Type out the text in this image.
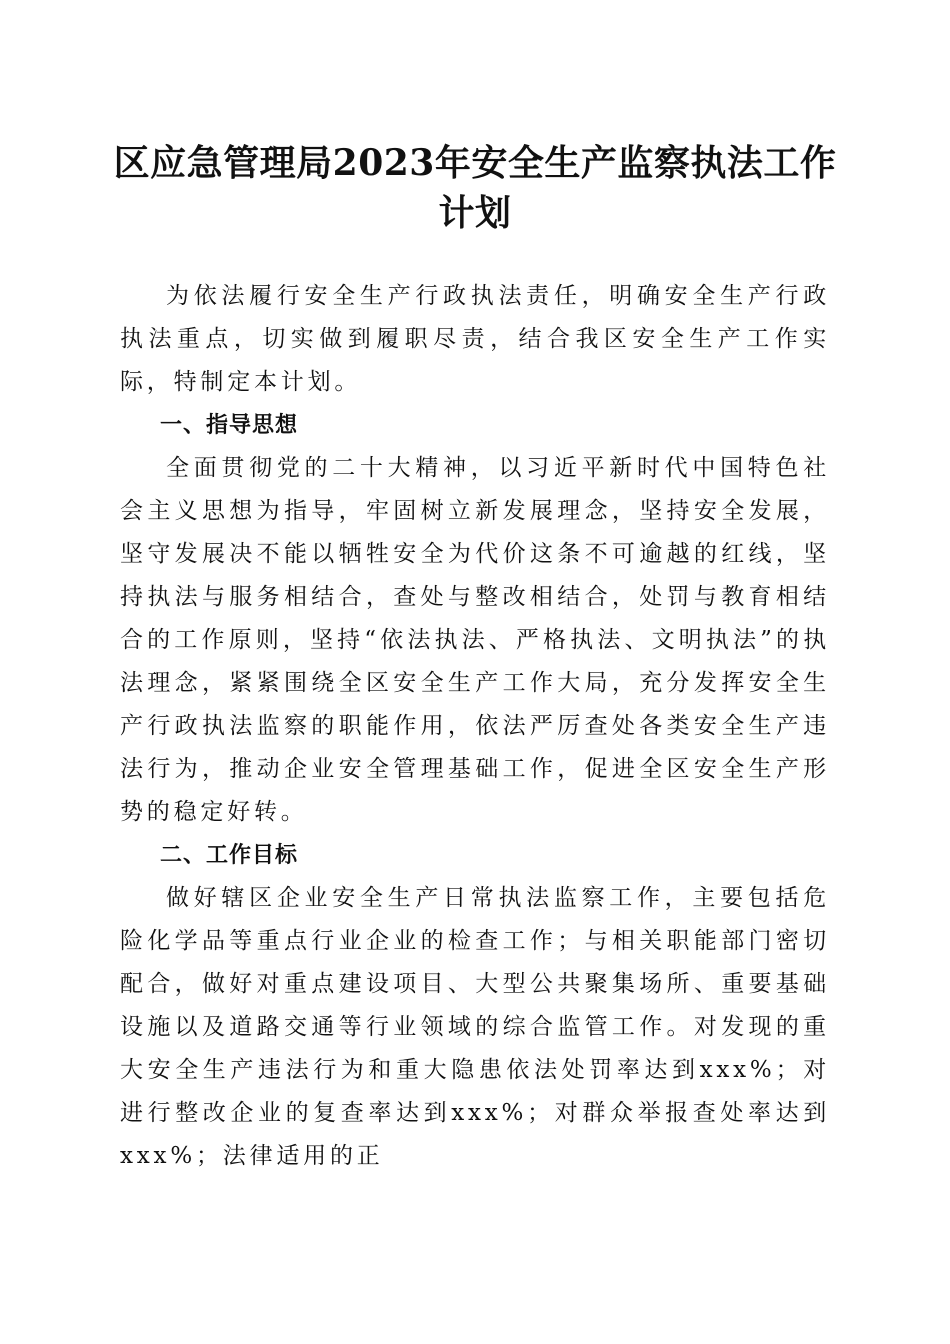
区应急管理局2023年安全生产监察执法工作计划

为依法履行安全生产行政执法责任，明确安全生产行政执法重点，切实做到履职尽责，结合我区安全生产工作实际，特制定本计划。

一、指导思想

全面贯彻党的二十大精神，以习近平新时代中国特色社会主义思想为指导，牢固树立新发展理念，坚持安全发展，坚守发展决不能以牺牲安全为代价这条不可逾越的红线，坚持执法与服务相结合，查处与整改相结合，处罚与教育相结合的工作原则，坚持“依法执法、严格执法、文明执法”的执法理念，紧紧围绕全区安全生产工作大局，充分发挥安全生产行政执法监察的职能作用，依法严厉查处各类安全生产违法行为，推动企业安全管理基础工作，促进全区安全生产形势的稳定好转。

二、工作目标

做好辖区企业安全生产日常执法监察工作，主要包括危险化学品等重点行业企业的检查工作；与相关职能部门密切配合，做好对重点建设项目、大型公共聚集场所、重要基础设施以及道路交通等行业领域的综合监管工作。对发现的重大安全生产违法行为和重大隐患依法处罚率达到xxx%；对进行整改企业的复查率达到xxx%；对群众举报查处率达到xxx%；法律适用的正
